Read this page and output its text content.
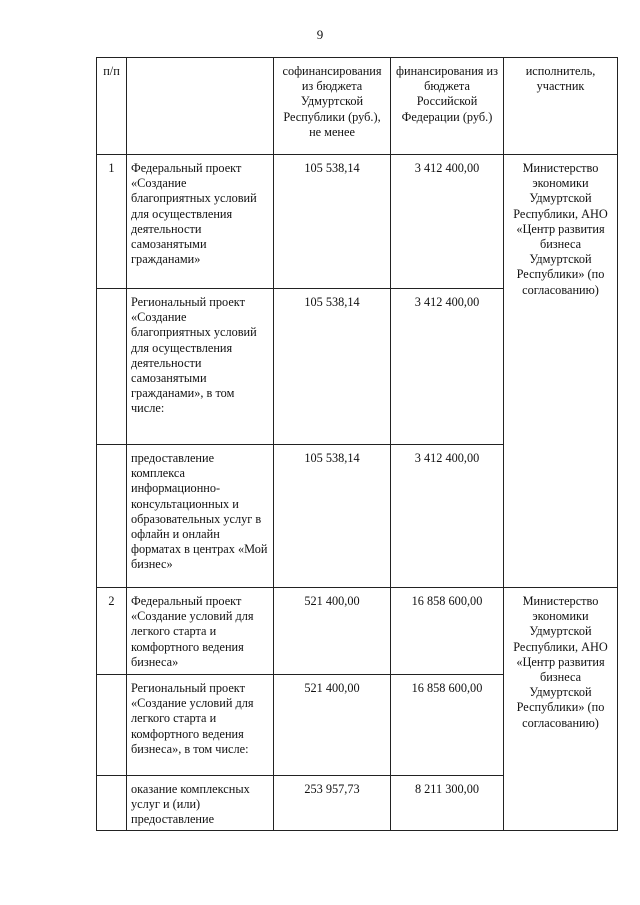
9
п/п		софинансирования из бюджета Удмуртской Республики (руб.), не менее	финансирования из бюджета Российской Федерации (руб.)	исполнитель, участник
1	Федеральный проект «Создание благоприятных условий для осуществления деятельности самозанятыми гражданами»	105 538,14	3 412 400,00	Министерство экономики Удмуртской Республики, АНО «Центр развития бизнеса Удмуртской Республики» (по согласованию)
	Региональный проект «Создание благоприятных условий для осуществления деятельности самозанятыми гражданами», в том числе:	105 538,14	3 412 400,00	
	предоставление комплекса информационно-консультационных и образовательных услуг в офлайн и онлайн форматах в центрах «Мой бизнес»	105 538,14	3 412 400,00	
2	Федеральный проект «Создание условий для легкого старта и комфортного ведения бизнеса»	521 400,00	16 858 600,00	Министерство экономики Удмуртской Республики, АНО «Центр развития бизнеса Удмуртской Республики» (по согласованию)
	Региональный проект «Создание условий для легкого старта и комфортного ведения бизнеса», в том числе:	521 400,00	16 858 600,00	
	оказание комплексных услуг и (или) предоставление	253 957,73	8 211 300,00	
